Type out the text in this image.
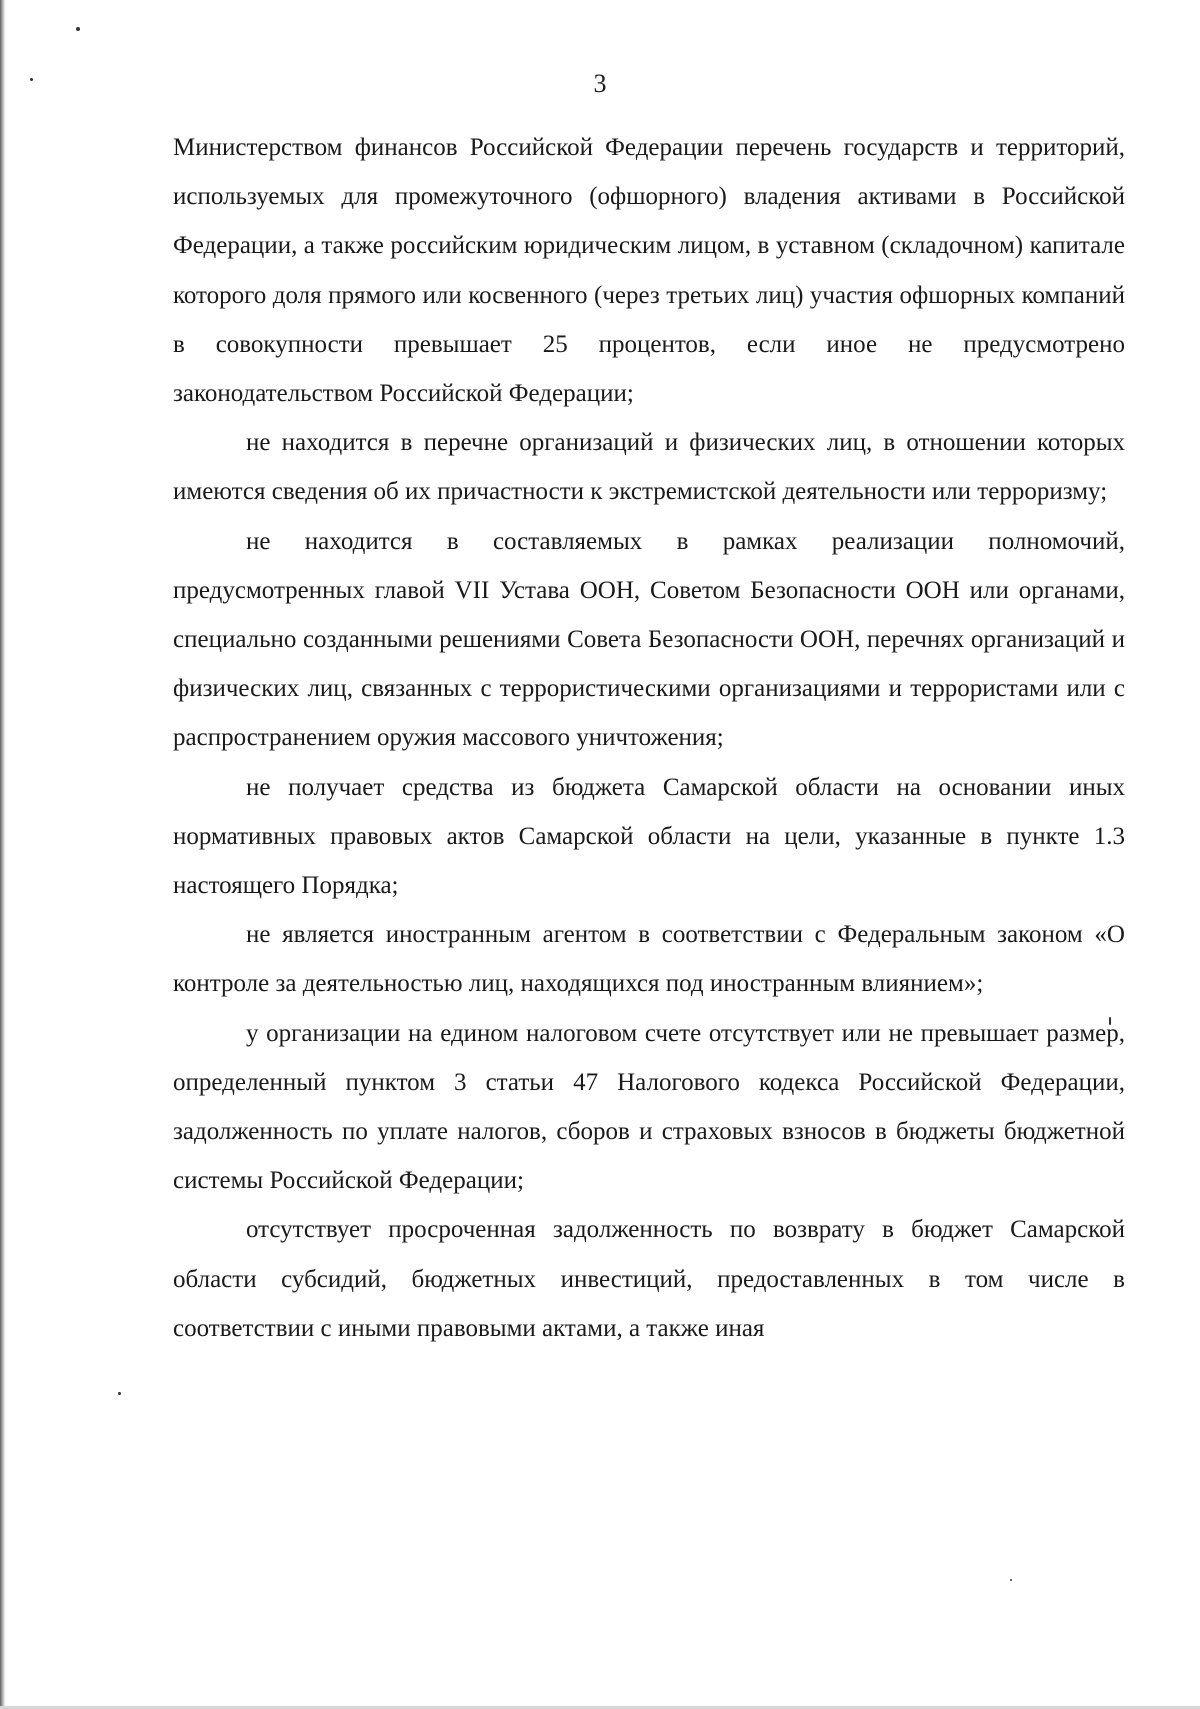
3

Министерством финансов Российской Федерации перечень государств и территорий, используемых для промежуточного (офшорного) владения активами в Российской Федерации, а также российским юридическим лицом, в уставном (складочном) капитале которого доля прямого или косвенного (через третьих лиц) участия офшорных компаний в совокупности превышает 25 процентов, если иное не предусмотрено законодательством Российской Федерации;

не находится в перечне организаций и физических лиц, в отношении которых имеются сведения об их причастности к экстремистской деятельности или терроризму;

не находится в составляемых в рамках реализации полномочий, предусмотренных главой VII Устава ООН, Советом Безопасности ООН или органами, специально созданными решениями Совета Безопасности ООН, перечнях организаций и физических лиц, связанных с террористическими организациями и террористами или с распространением оружия массового уничтожения;

не получает средства из бюджета Самарской области на основании иных нормативных правовых актов Самарской области на цели, указанные в пункте 1.3 настоящего Порядка;

не является иностранным агентом в соответствии с Федеральным законом «О контроле за деятельностью лиц, находящихся под иностранным влиянием»;

у организации на едином налоговом счете отсутствует или не превышает размер, определенный пунктом 3 статьи 47 Налогового кодекса Российской Федерации, задолженность по уплате налогов, сборов и страховых взносов в бюджеты бюджетной системы Российской Федерации;

отсутствует просроченная задолженность по возврату в бюджет Самарской области субсидий, бюджетных инвестиций, предоставленных в том числе в соответствии с иными правовыми актами, а также иная
